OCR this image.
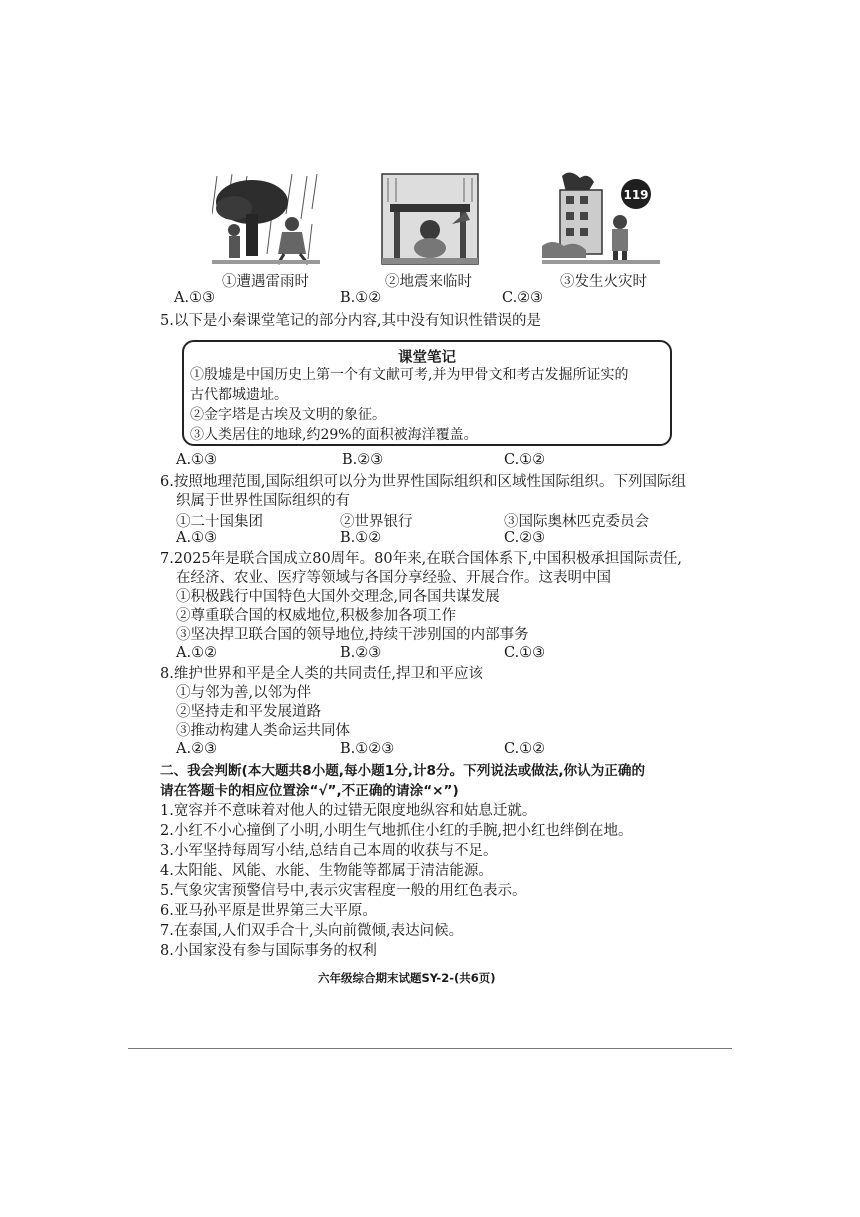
119
①遭遇雷雨时	②地震来临时	③发生火灾时
A.①③	B.①②	C.②③
5.以下是小秦课堂笔记的部分内容,其中没有知识性错误的是
课堂笔记
①殷墟是中国历史上第一个有文献可考,并为甲骨文和考古发掘所证实的
古代都城遗址。
②金字塔是古埃及文明的象征。
③人类居住的地球,约29%的面积被海洋覆盖。
A.①③	B.②③	C.①②
6.按照地理范围,国际组织可以分为世界性国际组织和区域性国际组织。下列国际组
织属于世界性国际组织的有
①二十国集团	②世界银行	③国际奥林匹克委员会
A.①③	B.①②	C.②③
7.2025年是联合国成立80周年。80年来,在联合国体系下,中国积极承担国际责任,
在经济、农业、医疗等领域与各国分享经验、开展合作。这表明中国
①积极践行中国特色大国外交理念,同各国共谋发展
②尊重联合国的权威地位,积极参加各项工作
③坚决捍卫联合国的领导地位,持续干涉别国的内部事务
A.①②	B.②③	C.①③
8.维护世界和平是全人类的共同责任,捍卫和平应该
①与邻为善,以邻为伴
②坚持走和平发展道路
③推动构建人类命运共同体
A.②③	B.①②③	C.①②
二、我会判断(本大题共8小题,每小题1分,计8分。下列说法或做法,你认为正确的
请在答题卡的相应位置涂“√”,不正确的请涂“×”)
1.宽容并不意味着对他人的过错无限度地纵容和姑息迁就。
2.小红不小心撞倒了小明,小明生气地抓住小红的手腕,把小红也绊倒在地。
3.小军坚持每周写小结,总结自己本周的收获与不足。
4.太阳能、风能、水能、生物能等都属于清洁能源。
5.气象灾害预警信号中,表示灾害程度一般的用红色表示。
6.亚马孙平原是世界第三大平原。
7.在泰国,人们双手合十,头向前微倾,表达问候。
8.小国家没有参与国际事务的权利
六年级综合期末试题SY-2-(共6页)
